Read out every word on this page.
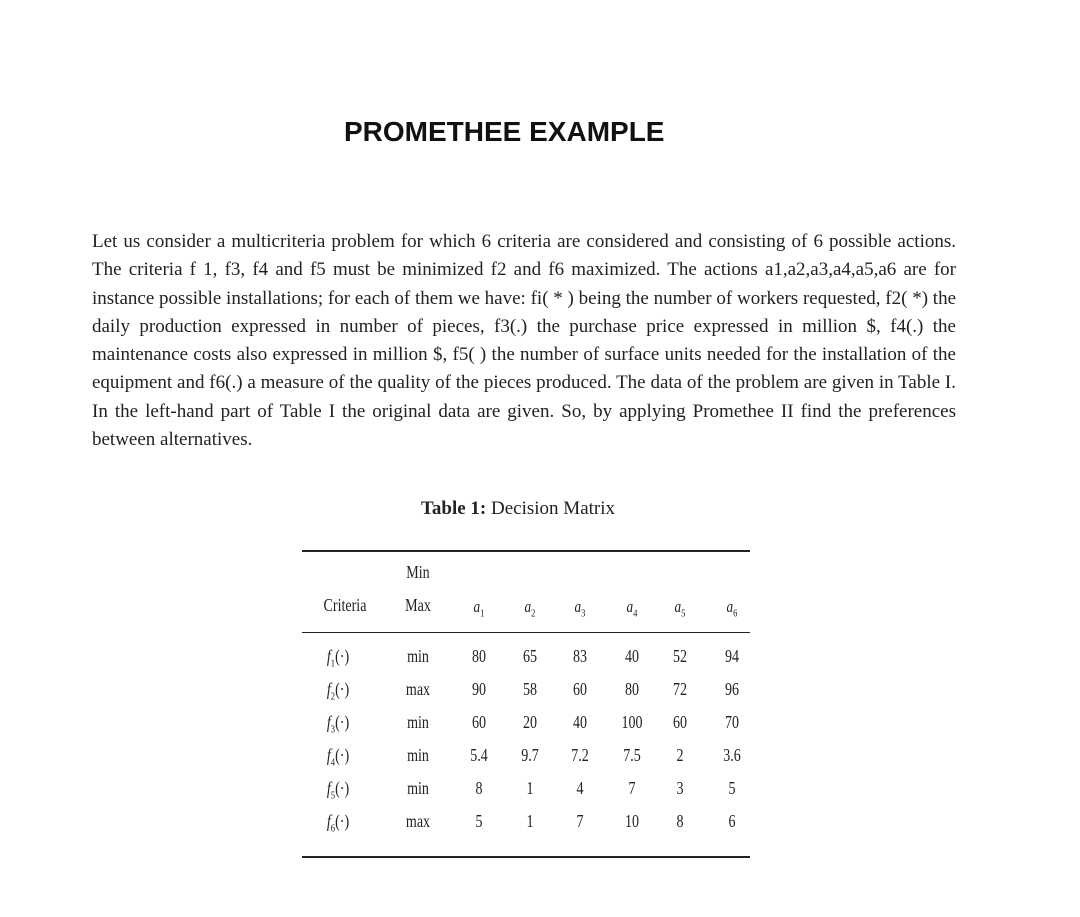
PROMETHEE EXAMPLE
Let us consider a multicriteria problem for which 6 criteria are considered and consisting of 6 possible actions. The criteria f 1, f3, f4 and f5 must be minimized f2 and f6 maximized. The actions a1,a2,a3,a4,a5,a6 are for instance possible installations; for each of them we have: fi( * ) being the number of workers requested, f2( *) the daily production expressed in number of pieces, f3(.) the purchase price expressed in million $, f4(.) the maintenance costs also expressed in million $, f5( ) the number of surface units needed for the installation of the equipment and f6(.) a measure of the quality of the pieces produced. The data of the problem are given in Table I. In the left-hand part of Table I the original data are given. So, by applying Promethee II find the preferences between alternatives.
Table 1: Decision Matrix
Min
Criteria	Max	$a_1$	$a_2$	$a_3$	$a_4$	$a_5$	$a_6$
$f_1(\cdot)$	min	80	65	83	40	52	94
$f_2(\cdot)$	max	90	58	60	80	72	96
$f_3(\cdot)$	min	60	20	40	100	60	70
$f_4(\cdot)$	min	5.4	9.7	7.2	7.5	2	3.6
$f_5(\cdot)$	min	8	1	4	7	3	5
$f_6(\cdot)$	max	5	1	7	10	8	6
